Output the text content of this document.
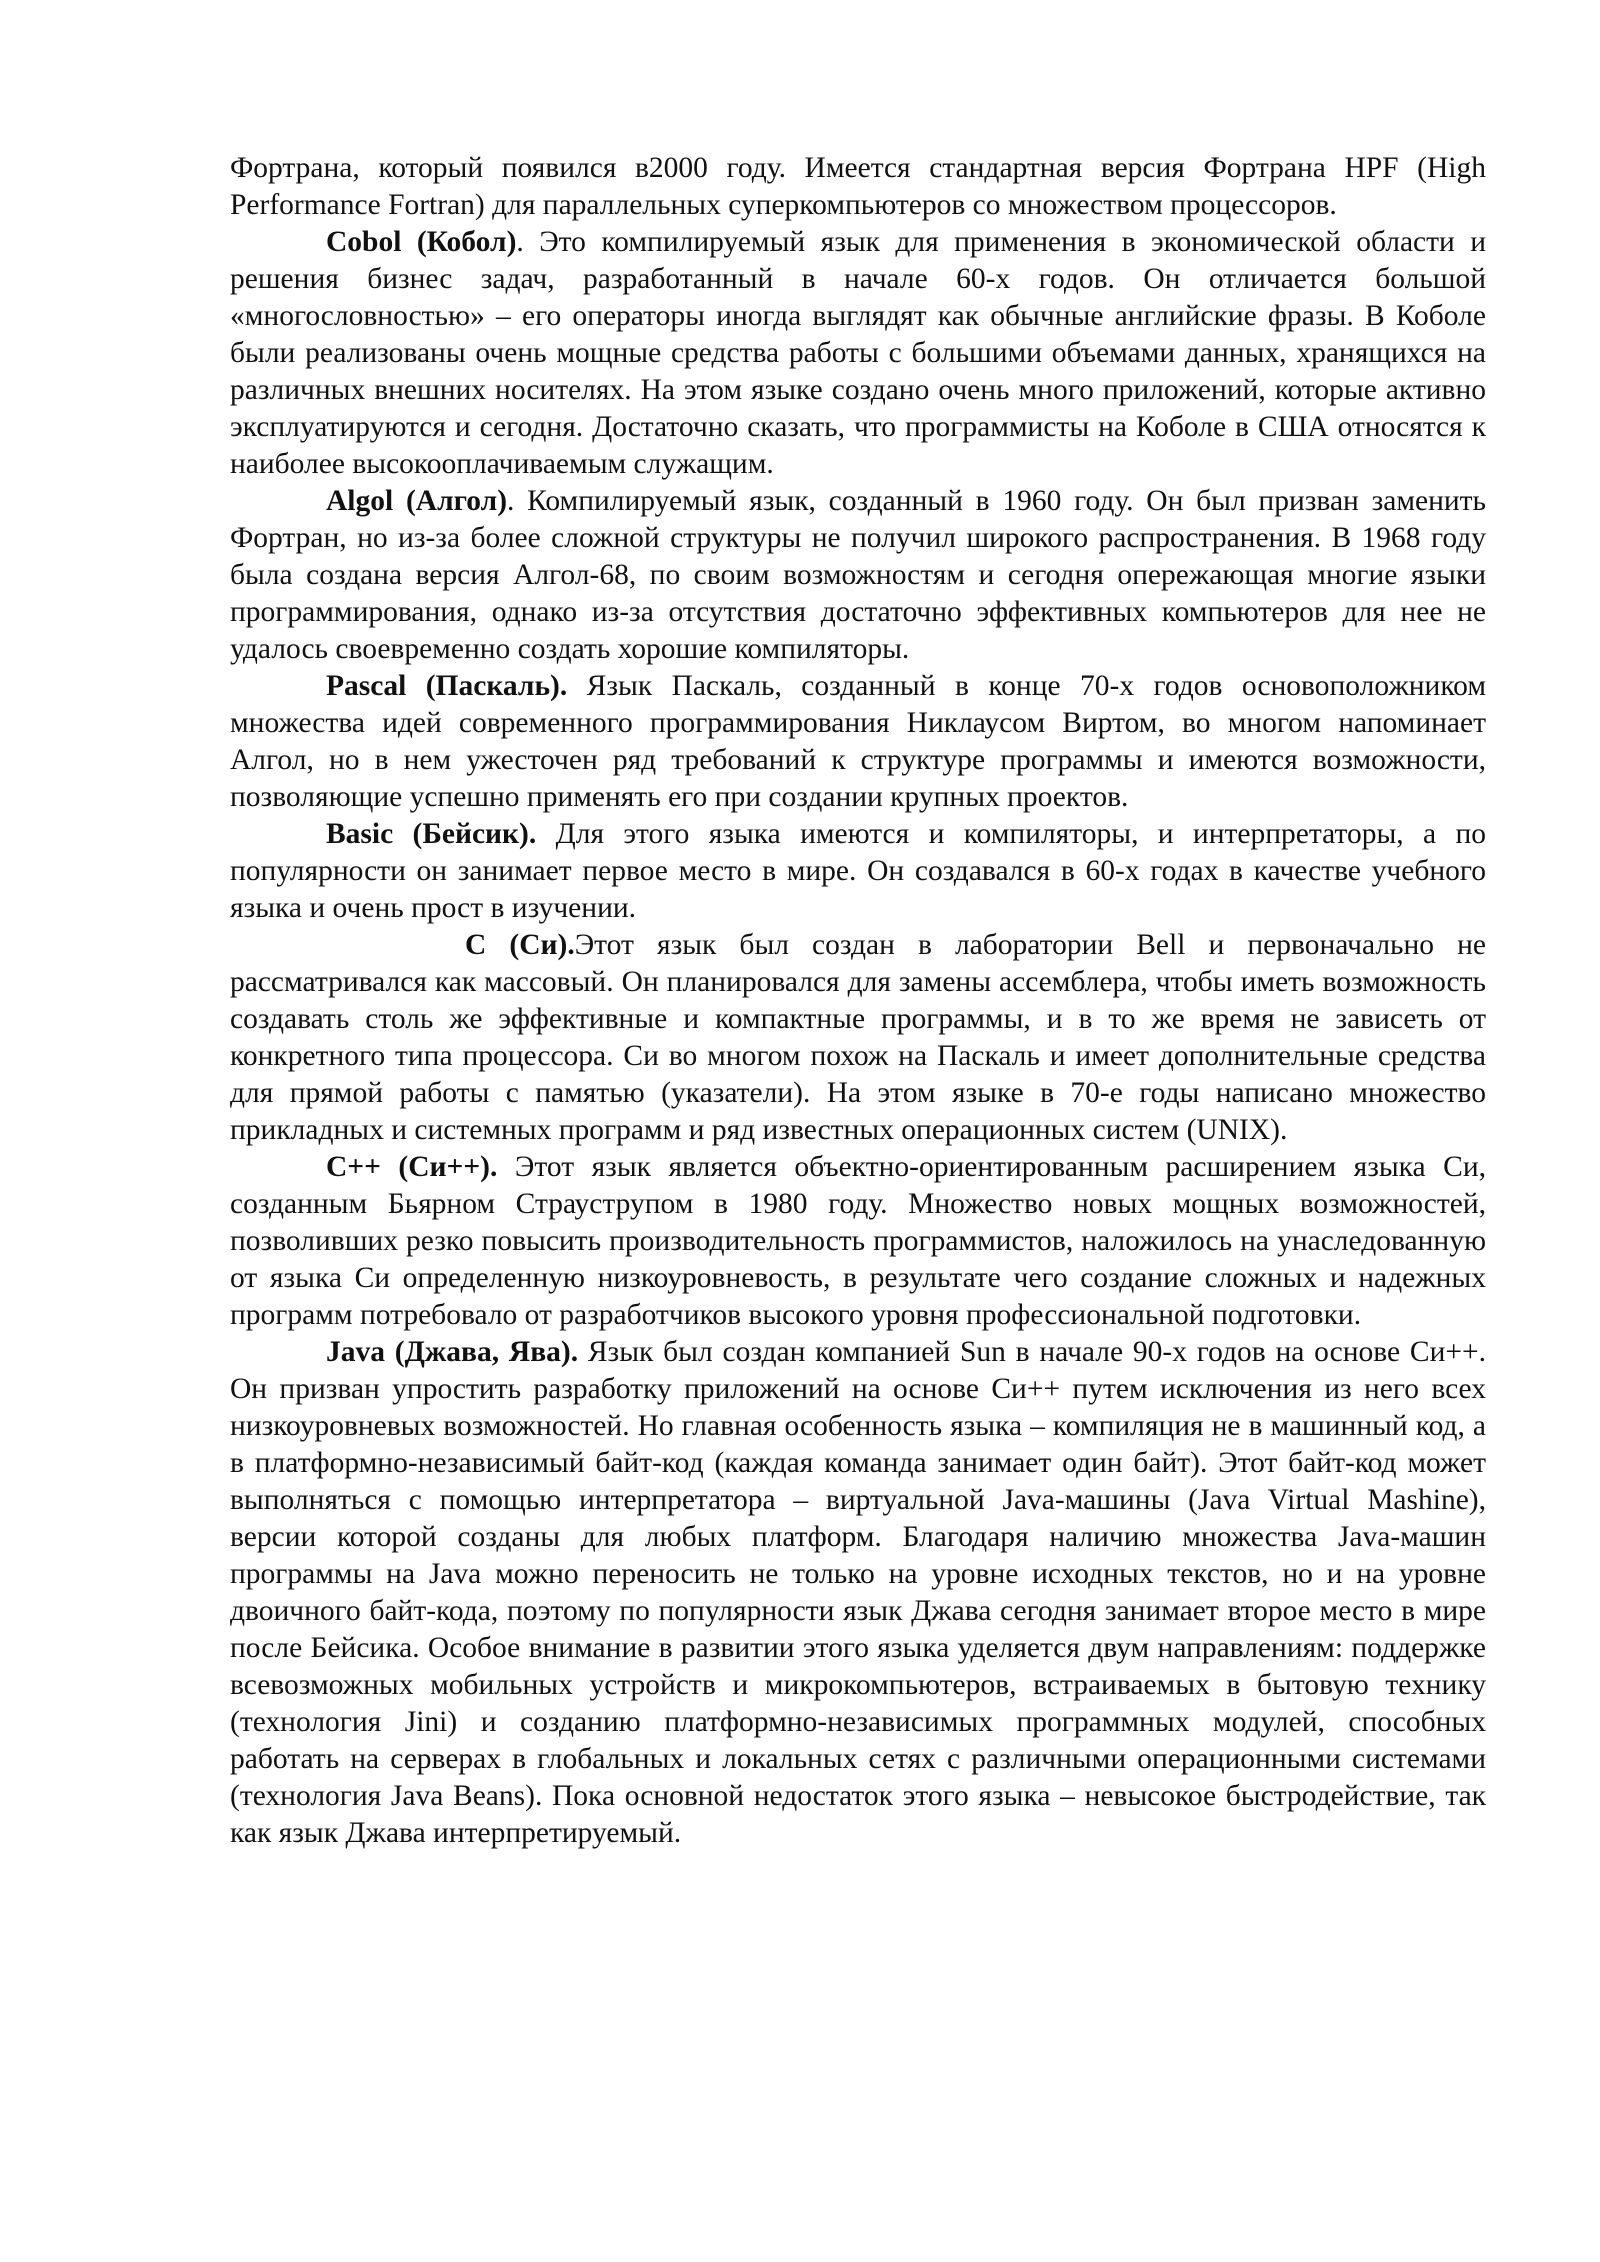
Фортрана, который появился в2000 году. Имеется стандартная версия Фортрана HPF (High Performance Fortran) для параллельных суперкомпьютеров со множеством процессоров.

Cobol (Кобол). Это компилируемый язык для применения в экономической области и решения бизнес задач, разработанный в начале 60-х годов. Он отличается большой «многословностью» – его операторы иногда выглядят как обычные английские фразы. В Коболе были реализованы очень мощные средства работы с большими объемами данных, хранящихся на различных внешних носителях. На этом языке создано очень много приложений, которые активно эксплуатируются и сегодня. Достаточно сказать, что программисты на Коболе в США относятся к наиболее высокооплачиваемым служащим.

Algol (Алгол). Компилируемый язык, созданный в 1960 году. Он был призван заменить Фортран, но из-за более сложной структуры не получил широкого распространения. В 1968 году была создана версия Алгол-68, по своим возможностям и сегодня опережающая многие языки программирования, однако из-за отсутствия достаточно эффективных компьютеров для нее не удалось своевременно создать хорошие компиляторы.

Pascal (Паскаль). Язык Паскаль, созданный в конце 70-х годов основоположником множества идей современного программирования Никлаусом Виртом, во многом напоминает Алгол, но в нем ужесточен ряд требований к структуре программы и имеются возможности, позволяющие успешно применять его при создании крупных проектов.

Basic (Бейсик). Для этого языка имеются и компиляторы, и интерпретаторы, а по популярности он занимает первое место в мире. Он создавался в 60-х годах в качестве учебного языка и очень прост в изучении.

C (Си).Этот язык был создан в лаборатории Bell и первоначально не рассматривался как массовый. Он планировался для замены ассемблера, чтобы иметь возможность создавать столь же эффективные и компактные программы, и в то же время не зависеть от конкретного типа процессора. Си во многом похож на Паскаль и имеет дополнительные средства для прямой работы с памятью (указатели). На этом языке в 70-е годы написано множество прикладных и системных программ и ряд известных операционных систем (UNIX).

C++ (Си++). Этот язык является объектно-ориентированным расширением языка Си, созданным Бьярном Страуструпом в 1980 году. Множество новых мощных возможностей, позволивших резко повысить производительность программистов, наложилось на унаследованную от языка Си определенную низкоуровневость, в результате чего создание сложных и надежных программ потребовало от разработчиков высокого уровня профессиональной подготовки.

Java (Джава, Ява). Язык был создан компанией Sun в начале 90-х годов на основе Си++. Он призван упростить разработку приложений на основе Си++ путем исключения из него всех низкоуровневых возможностей. Но главная особенность языка – компиляция не в машинный код, а в платформно-независимый байт-код (каждая команда занимает один байт). Этот байт-код может выполняться с помощью интерпретатора – виртуальной Java-машины (Java Virtual Mashine), версии которой созданы для любых платформ. Благодаря наличию множества Java-машин программы на Java можно переносить не только на уровне исходных текстов, но и на уровне двоичного байт-кода, поэтому по популярности язык Джава сегодня занимает второе место в мире после Бейсика. Особое внимание в развитии этого языка уделяется двум направлениям: поддержке всевозможных мобильных устройств и микрокомпьютеров, встраиваемых в бытовую технику (технология Jini) и созданию платформно-независимых программных модулей, способных работать на серверах в глобальных и локальных сетях с различными операционными системами (технология Java Beans). Пока основной недостаток этого языка – невысокое быстродействие, так как язык Джава интерпретируемый.
